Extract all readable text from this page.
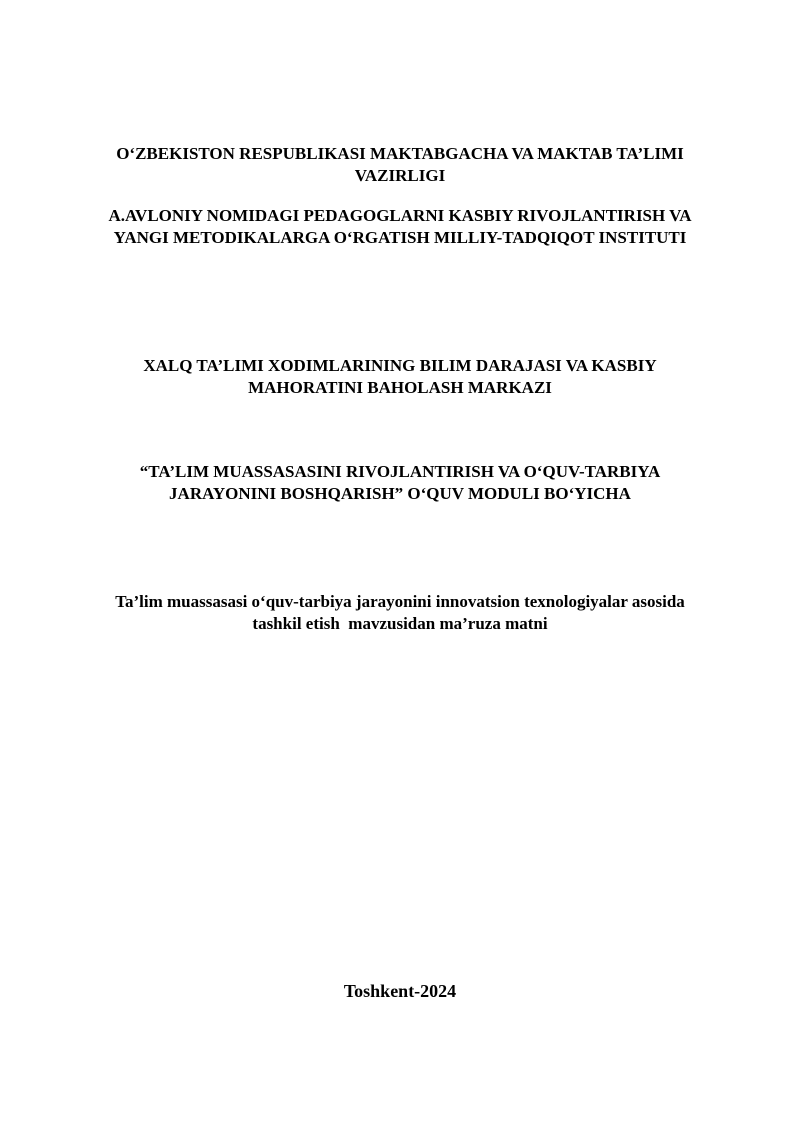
O‘ZBEKISTON RESPUBLIKASI MAKTABGACHA VA MAKTAB TA’LIMI
VAZIRLIGI
A.AVLONIY NOMIDAGI PEDAGOGLARNI KASBIY RIVOJLANTIRISH VA
YANGI METODIKALARGA O‘RGATISH MILLIY-TADQIQOT INSTITUTI
XALQ TA’LIMI XODIMLARINING BILIM DARAJASI VA KASBIY
MAHORATINI BAHOLASH MARKAZI
“TA’LIM MUASSASASINI RIVOJLANTIRISH VA O‘QUV-TARBIYA
JARAYONINI BOSHQARISH” O‘QUV MODULI BO‘YICHA
Ta’lim muassasasi o‘quv-tarbiya jarayonini innovatsion texnologiyalar asosida
tashkil etish  mavzusidan ma’ruza matni
Toshkent-2024
